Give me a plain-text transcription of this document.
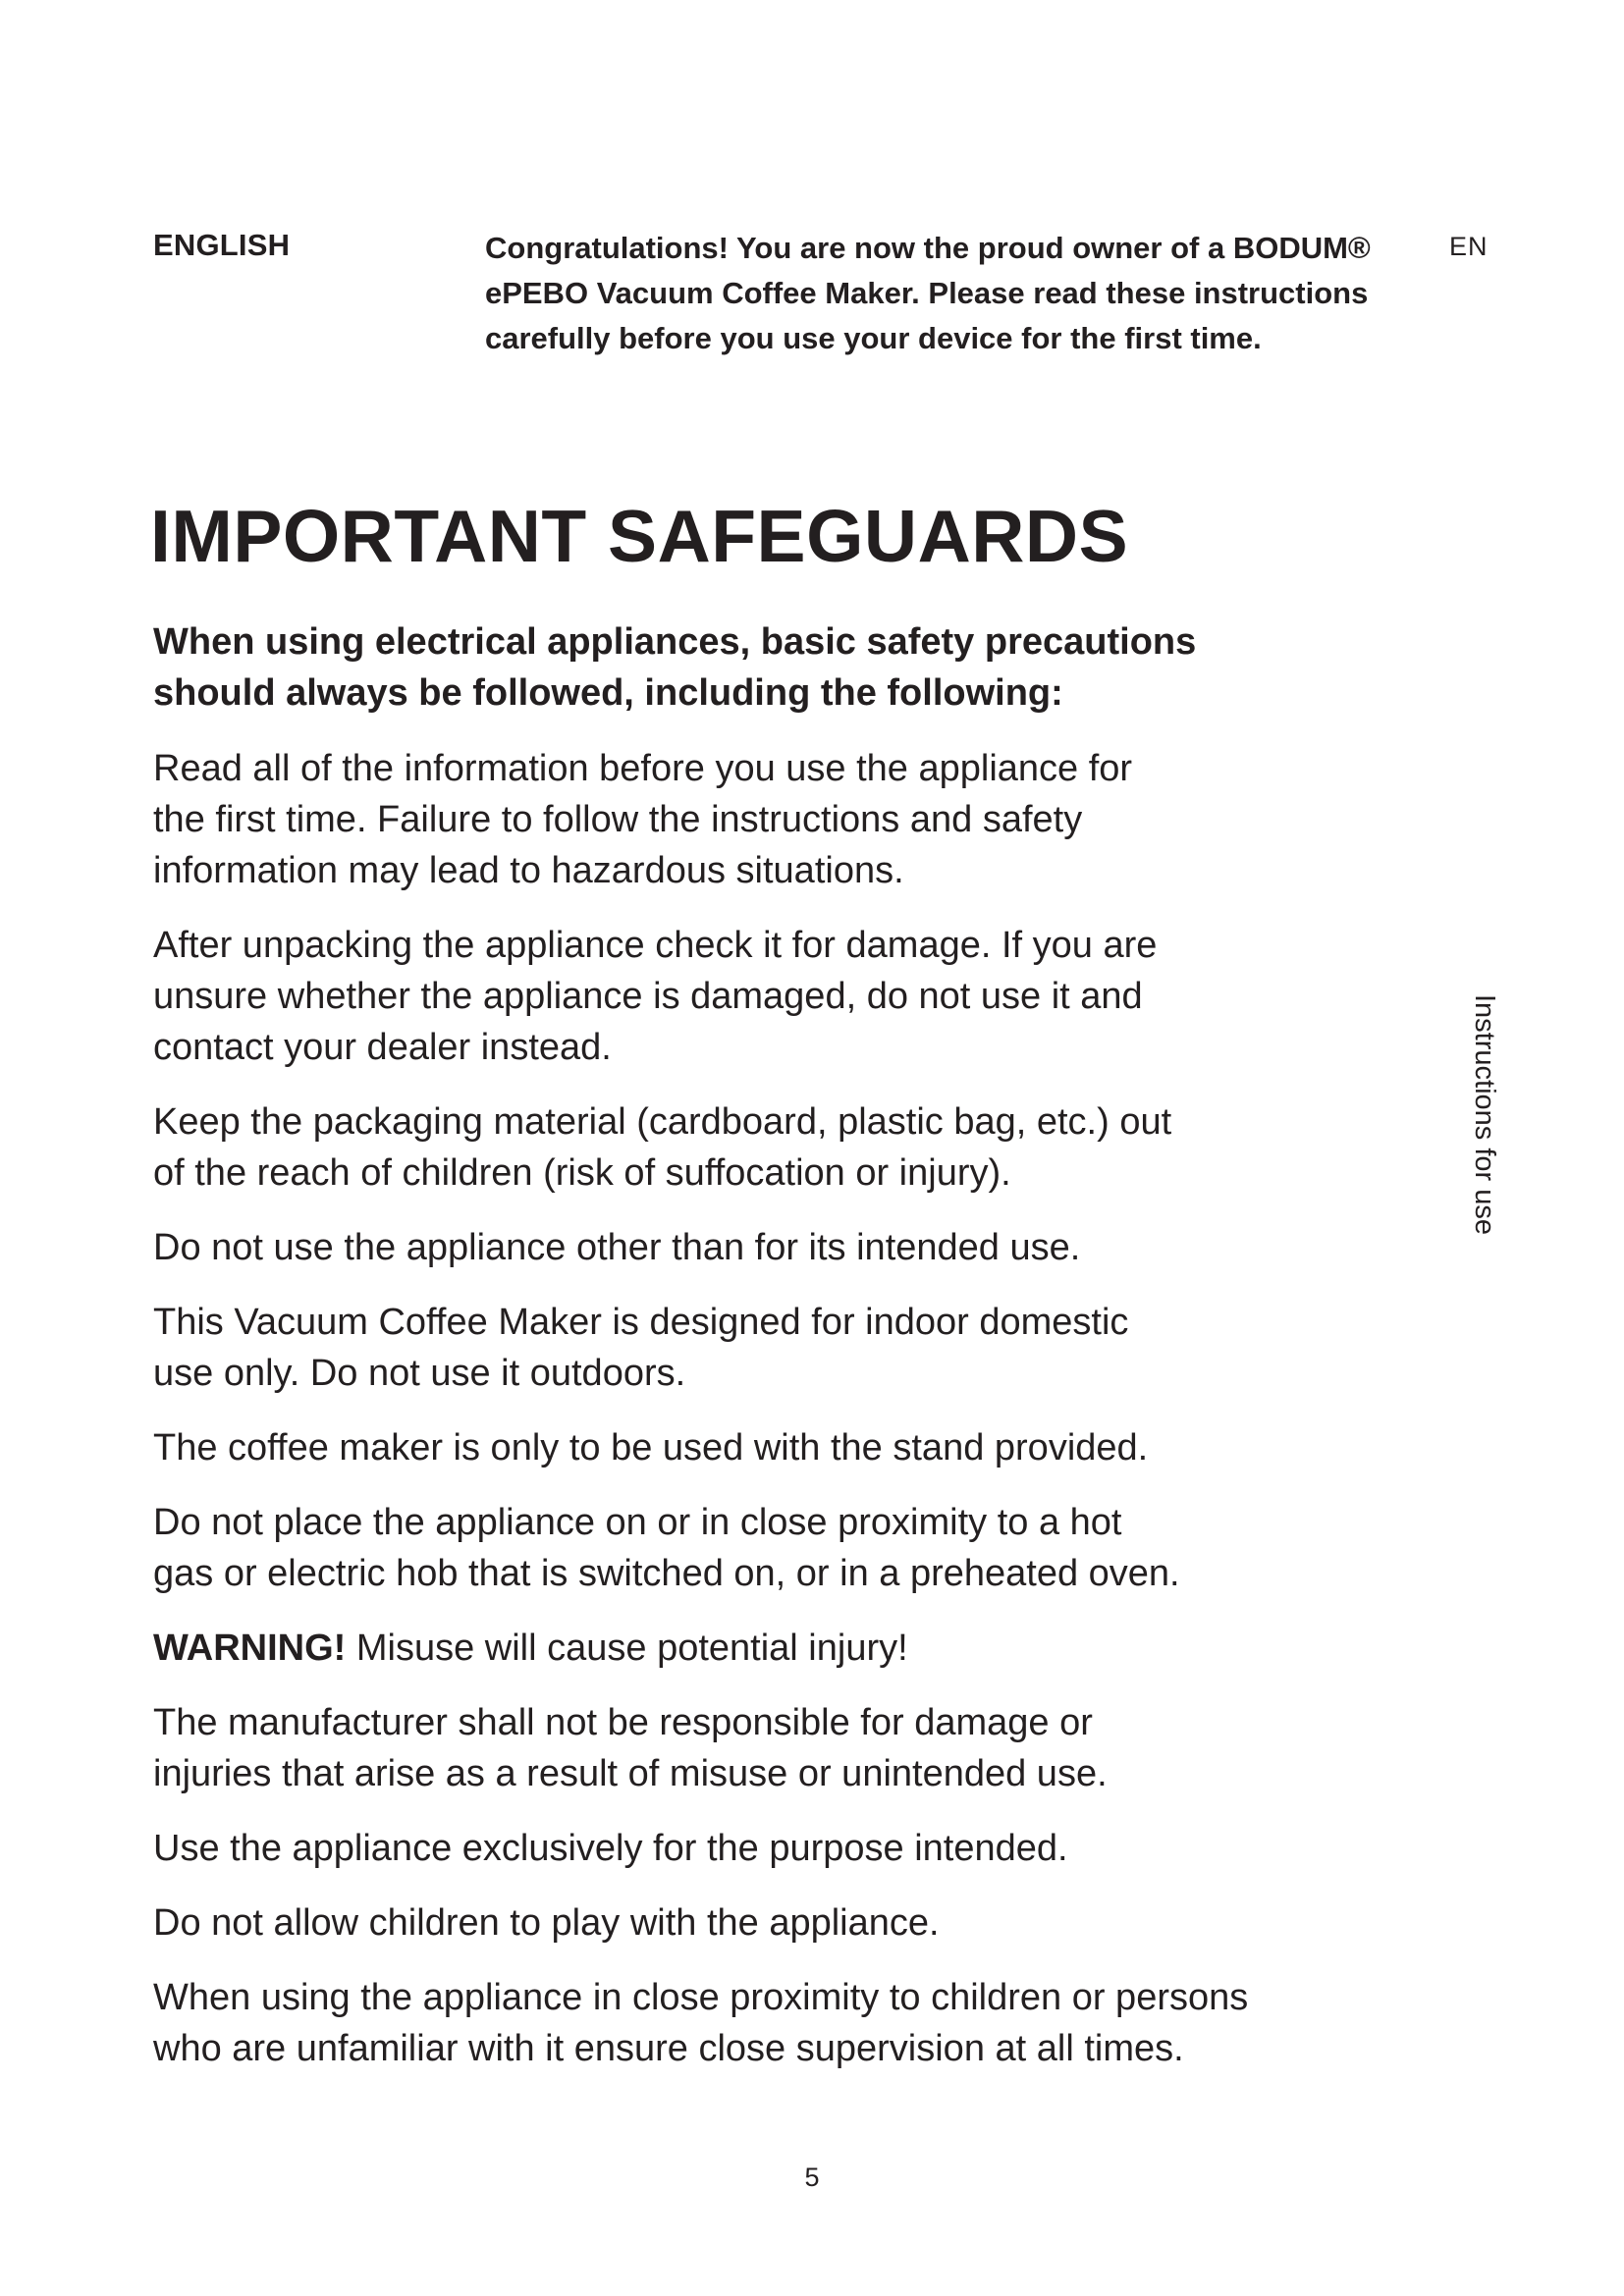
ENGLISH	Congratulations! You are now the proud owner of a BODUM®
ePEBO Vacuum Coffee Maker. Please read these instructions
carefully before you use your device for the first time.
EN
Instructions for use
IMPORTANT SAFEGUARDS
When using electrical appliances, basic safety precautions
should always be followed, including the following:

Read all of the information before you use the appliance for
the first time. Failure to follow the instructions and safety
information may lead to hazardous situations.

After unpacking the appliance check it for damage. If you are
unsure whether the appliance is damaged, do not use it and
contact your dealer instead.

Keep the packaging material (cardboard, plastic bag, etc.) out
of the reach of children (risk of suffocation or injury).

Do not use the appliance other than for its intended use.

This Vacuum Coffee Maker is designed for indoor domestic
use only. Do not use it outdoors.

The coffee maker is only to be used with the stand provided.

Do not place the appliance on or in close proximity to a hot
gas or electric hob that is switched on, or in a preheated oven.

WARNING! Misuse will cause potential injury!

The manufacturer shall not be responsible for damage or
injuries that arise as a result of misuse or unintended use.

Use the appliance exclusively for the purpose intended.

Do not allow children to play with the appliance.

When using the appliance in close proximity to children or persons
who are unfamiliar with it ensure close supervision at all times.

5
